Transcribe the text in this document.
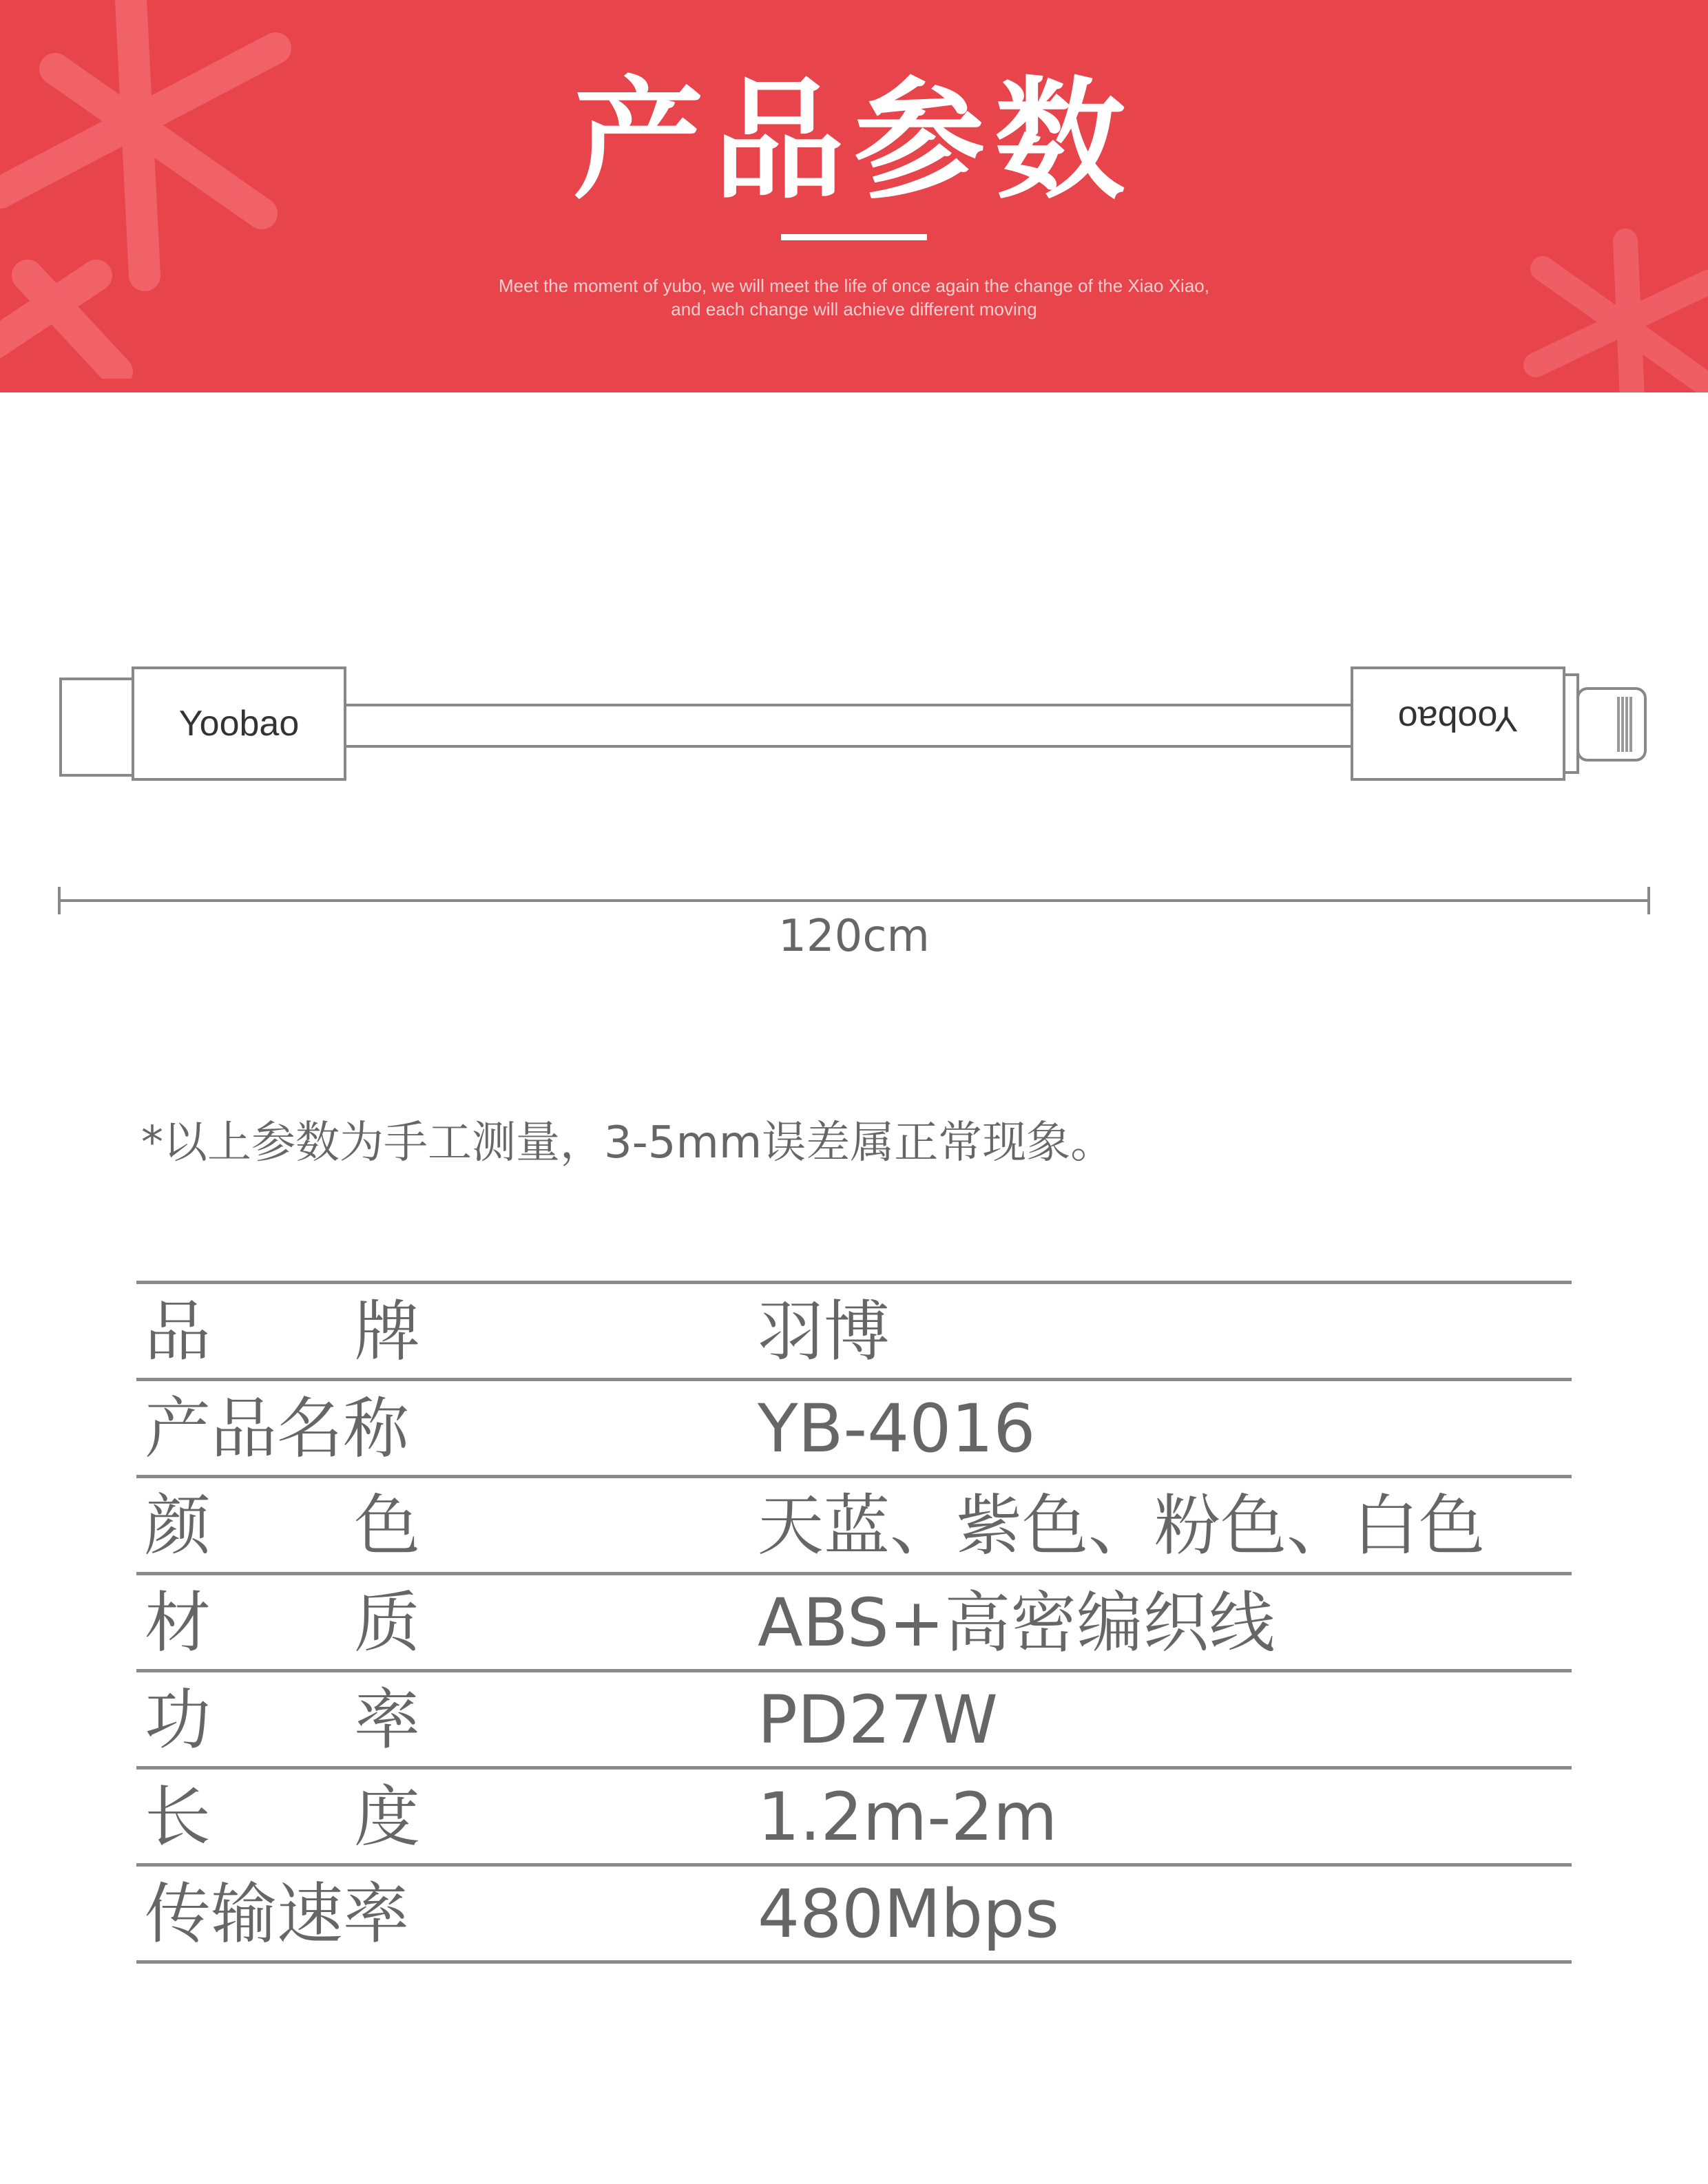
产品参数
Meet the moment of yubo, we will meet the life of once again the change of the Xiao Xiao,
and each change will achieve different moving
Yoobao	Yoobao
120cm
*以上参数为手工测量，3-5mm误差属正常现象。
品 牌	羽博
产品名称	YB-4016
颜 色	天蓝、紫色、粉色、白色
材 质	ABS+高密编织线
功 率	PD27W
长 度	1.2m-2m
传输速率	480Mbps
